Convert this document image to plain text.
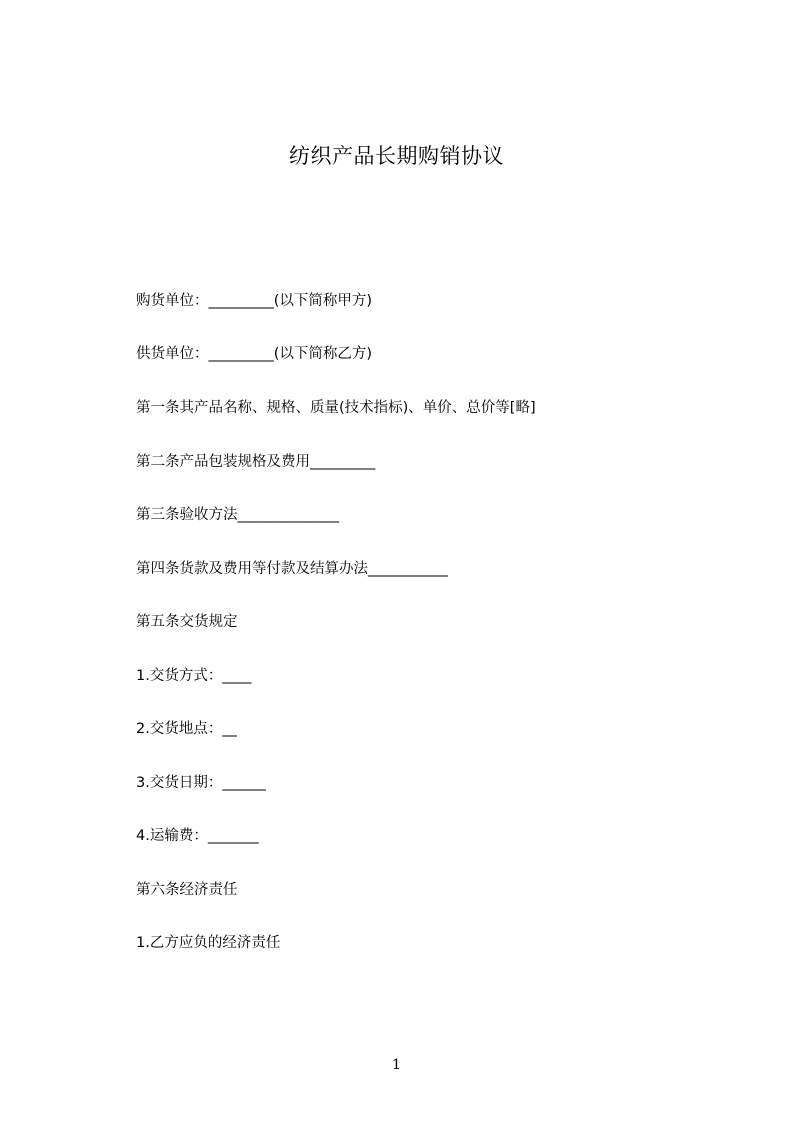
纺织产品长期购销协议
购货单位：_________(以下简称甲方)
供货单位：_________(以下简称乙方)
第一条其产品名称、规格、质量(技术指标)、单价、总价等[略]
第二条产品包装规格及费用_________
第三条验收方法______________
第四条货款及费用等付款及结算办法___________
第五条交货规定
1.交货方式：____
2.交货地点：__
3.交货日期：______
4.运输费：_______
第六条经济责任
1.乙方应负的经济责任
1
